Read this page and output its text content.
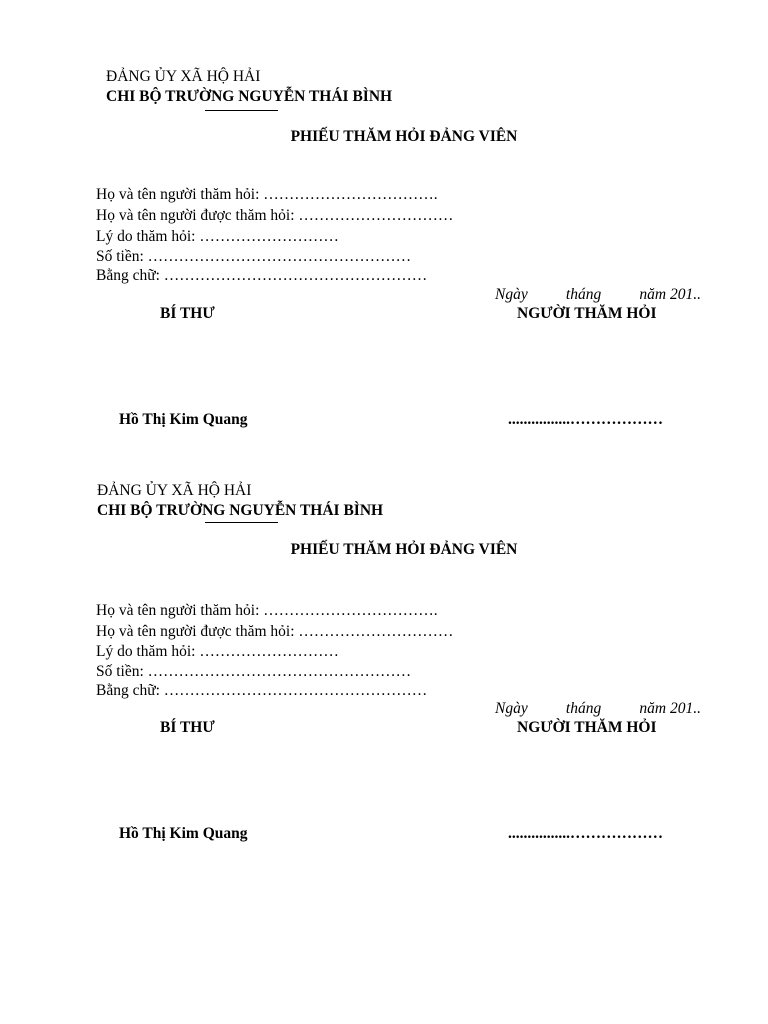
ĐẢNG ỦY XÃ HỘ HẢI
CHI BỘ TRƯỜNG NGUYỄN THÁI BÌNH
PHIẾU THĂM HỎI ĐẢNG VIÊN
Họ và tên người thăm hỏi: …………………………….
Họ và tên người được thăm hỏi: …………………………
Lý do thăm hỏi: ………………………
Số tiền: ……………………………………………
Bằng chữ: ……………………………………………
Ngày tháng năm 201..
BÍ THƯ	NGƯỜI THĂM HỎI
Hồ Thị Kim Quang	................………………
ĐẢNG ỦY XÃ HỘ HẢI
CHI BỘ TRƯỜNG NGUYỄN THÁI BÌNH
PHIẾU THĂM HỎI ĐẢNG VIÊN
Họ và tên người thăm hỏi: …………………………….
Họ và tên người được thăm hỏi: …………………………
Lý do thăm hỏi: ………………………
Số tiền: ……………………………………………
Bằng chữ: ……………………………………………
Ngày tháng năm 201..
BÍ THƯ	NGƯỜI THĂM HỎI
Hồ Thị Kim Quang	................………………
